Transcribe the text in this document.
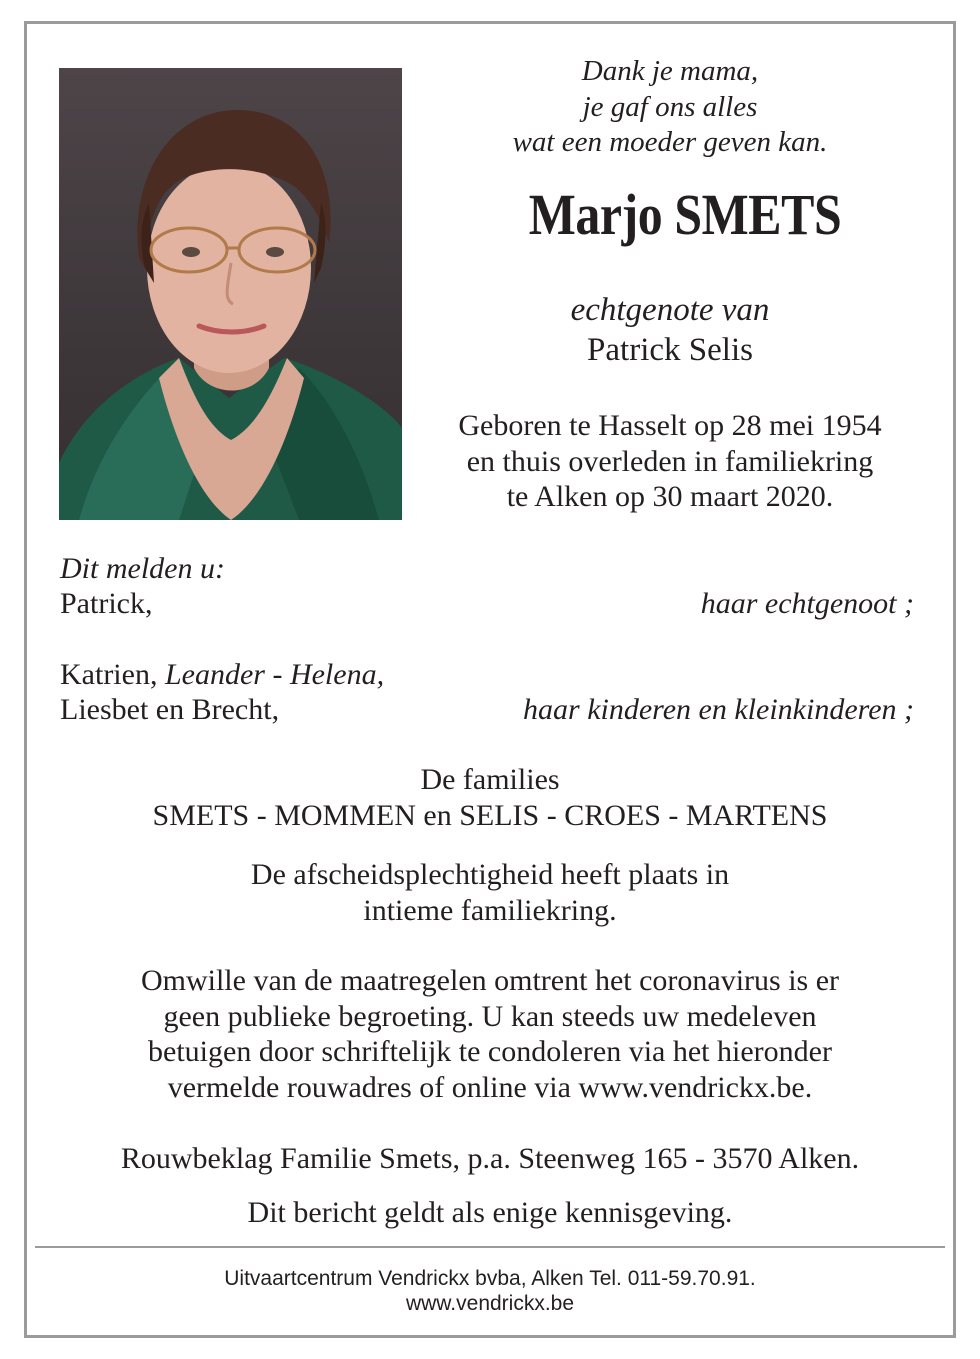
Dank je mama,
je gaf ons alles
wat een moeder geven kan.
Marjo SMETS
echtgenote van
Patrick Selis
Geboren te Hasselt op 28 mei 1954
en thuis overleden in familiekring
te Alken op 30 maart 2020.
Dit melden u:
Patrick,	haar echtgenoot ;
Katrien, Leander - Helena,
Liesbet en Brecht,	haar kinderen en kleinkinderen ;
De families
SMETS - MOMMEN en SELIS - CROES - MARTENS
De afscheidsplechtigheid heeft plaats in
intieme familiekring.
Omwille van de maatregelen omtrent het coronavirus is er
geen publieke begroeting. U kan steeds uw medeleven
betuigen door schriftelijk te condoleren via het hieronder
vermelde rouwadres of online via www.vendrickx.be.
Rouwbeklag Familie Smets, p.a. Steenweg 165 - 3570 Alken.
Dit bericht geldt als enige kennisgeving.
Uitvaartcentrum Vendrickx bvba, Alken Tel. 011-59.70.91.
www.vendrickx.be
